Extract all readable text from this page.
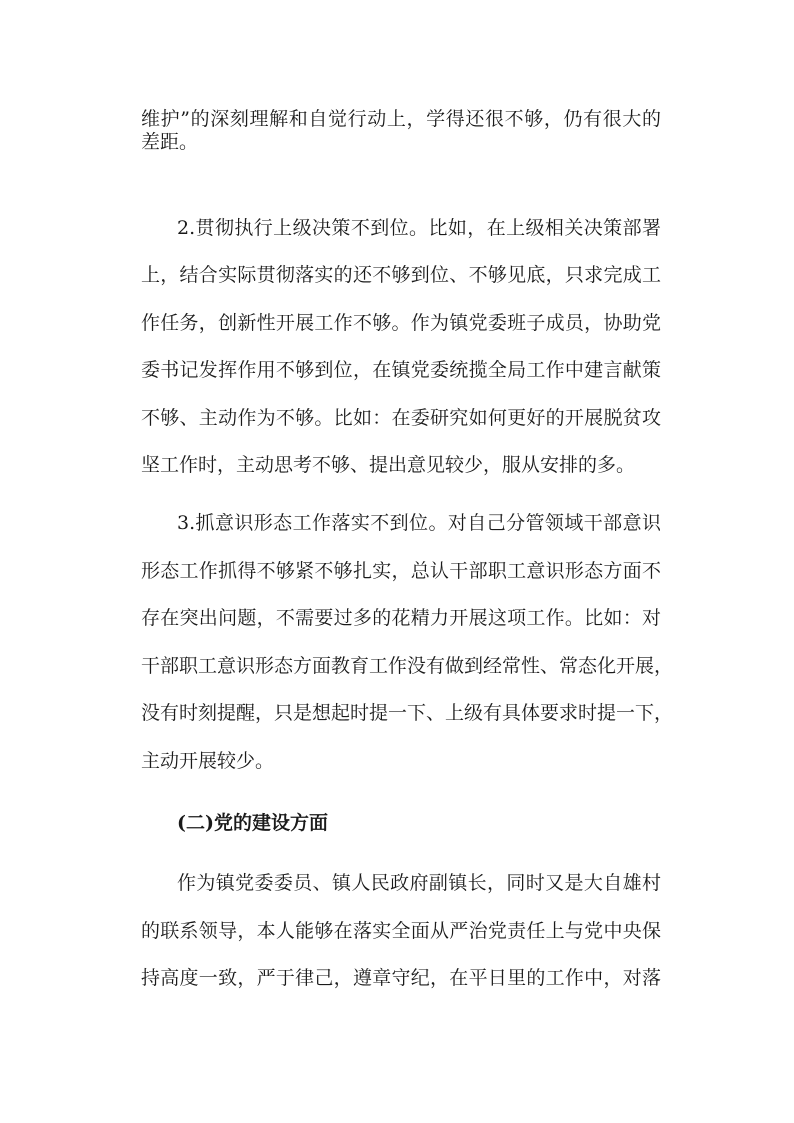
维护”的深刻理解和自觉行动上，学得还很不够，仍有很大的
差距。
2.贯彻执行上级决策不到位。比如，在上级相关决策部署
上，结合实际贯彻落实的还不够到位、不够见底，只求完成工
作任务，创新性开展工作不够。作为镇党委班子成员，协助党
委书记发挥作用不够到位，在镇党委统揽全局工作中建言献策
不够、主动作为不够。比如：在委研究如何更好的开展脱贫攻
坚工作时，主动思考不够、提出意见较少，服从安排的多。
3.抓意识形态工作落实不到位。对自己分管领域干部意识
形态工作抓得不够紧不够扎实，总认干部职工意识形态方面不
存在突出问题，不需要过多的花精力开展这项工作。比如：对
干部职工意识形态方面教育工作没有做到经常性、常态化开展，
没有时刻提醒，只是想起时提一下、上级有具体要求时提一下，
主动开展较少。
(二)党的建设方面
作为镇党委委员、镇人民政府副镇长，同时又是大自雄村
的联系领导，本人能够在落实全面从严治党责任上与党中央保
持高度一致，严于律己，遵章守纪，在平日里的工作中，对落
